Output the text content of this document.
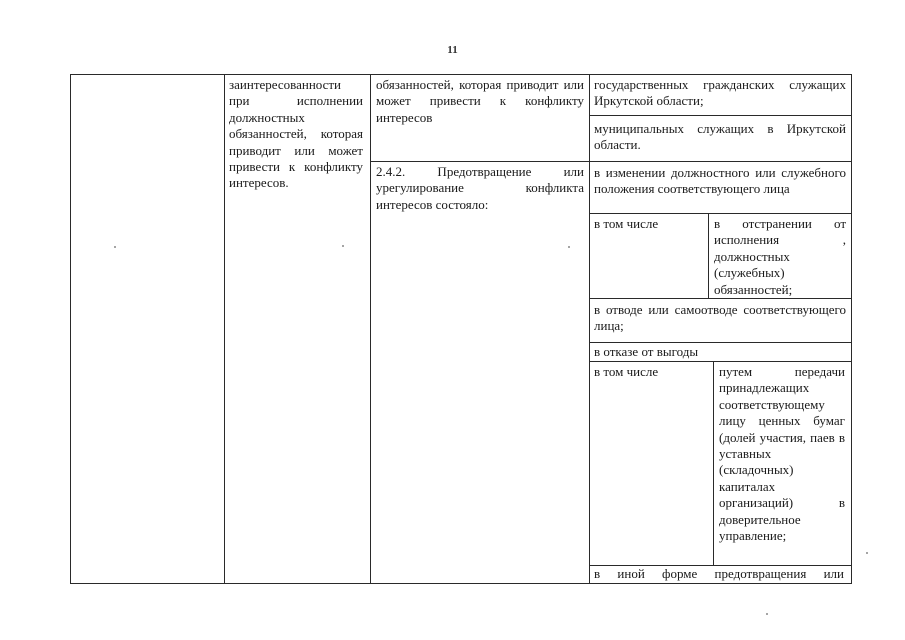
11
заинтересованности при исполнении должностных обязанностей, которая приводит или может привести к конфликту интересов.
обязанностей, которая приводит или может привести к конфликту интересов
2.4.2. Предотвращение или урегулирование конфликта интересов состояло:
государственных гражданских служащих Иркутской области;
муниципальных служащих в Иркутской области.
в изменении должностного или служебного положения соответствующего лица
в том числе	в отстранении от исполнения , должностных (служебных) обязанностей;
в отводе или самоотводе соответствующего лица;
в отказе от выгоды
в том числе	путем передачи принадлежащих соответствующему лицу ценных бумаг (долей участия, паев в уставных (складочных) капиталах организаций) в доверительное управление;
в иной форме предотвращения или
